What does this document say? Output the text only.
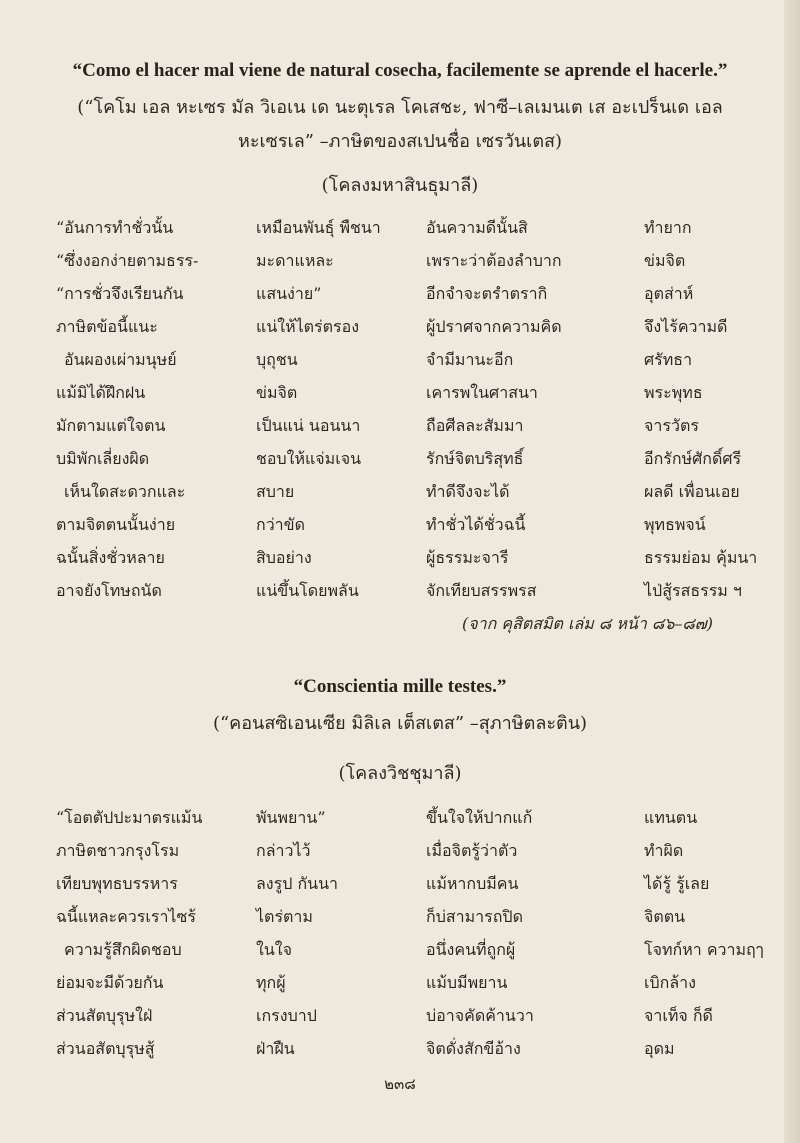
“Como el hacer mal viene de natural cosecha, facilemente se aprende el hacerle.”
(“โคโม เอล หะเซร มัล วิเอเน เด นะตุเรล โคเสชะ, ฟาซี–เลเมนเต เส อะเปร็นเด เอล
หะเซรเล” –ภาษิตของสเปนชื่อ เซรวันเตส)
(โคลงมหาสินธุมาลี)
“อันการทำชั่วนั้น	เหมือนพันธุ์ พืชนา	อันความดีนั้นสิ	ทำยาก
“ซึ่งงอกง่ายตามธรร-	มะดาแหละ	เพราะว่าต้องลำบาก	ข่มจิต
“การชั่วจึงเรียนกัน	แสนง่าย”	อีกจำจะตรำตรากิ	อุตส่าห์
ภาษิตข้อนี้แนะ	แน่ให้ไตร่ตรอง	ผู้ปราศจากความคิด	จึงไร้ความดี
อันผองเผ่ามนุษย์	บุถุชน	จำมีมานะอีก	ศรัทธา
แม้มิได้ฝึกฝน	ข่มจิต	เคารพในศาสนา	พระพุทธ
มักตามแต่ใจตน	เป็นแน่ นอนนา	ถือศีลละสัมมา	จารวัตร
บมิพักเลี่ยงผิด	ชอบให้แจ่มเจน	รักษ์จิตบริสุทธิ์	อีกรักษ์ศักดิ์ศรี
เห็นใดสะดวกและ	สบาย	ทำดีจึงจะได้	ผลดี เพื่อนเอย
ตามจิตตนนั้นง่าย	กว่าขัด	ทำชั่วได้ชั่วฉนี้	พุทธพจน์
ฉนั้นสิ่งชั่วหลาย	สิบอย่าง	ผู้ธรรมะจารี	ธรรมย่อม คุ้มนา
อาจยังโทษถนัด	แน่ขึ้นโดยพลัน	จักเทียบสรรพรส	ไป่สู้รสธรรม ฯ
(จาก คุสิตสมิต เล่ม ๘ หน้า ๘๖–๘๗)
“Conscientia mille testes.”
(“คอนสซิเอนเซีย มิลิเล เต็สเตส” –สุภาษิตละติน)
(โคลงวิชชุมาลี)
“โอตตัปปะมาตรแม้น	พันพยาน”	ขึ้นใจให้ปากแก้	แทนตน
ภาษิตชาวกรุงโรม	กล่าวไว้	เมื่อจิตรู้ว่าตัว	ทำผิด
เทียบพุทธบรรหาร	ลงรูป กันนา	แม้หากบมีคน	ได้รู้ รู้เลย
ฉนี้แหละควรเราไซร้	ไตร่ตาม	ก็บ่สามารถปิด	จิตตน
ความรู้สึกผิดชอบ	ในใจ	อนึ่งคนที่ถูกผู้	โจทก์หา ความฤๅ
ย่อมจะมีด้วยกัน	ทุกผู้	แม้บมีพยาน	เบิกล้าง
ส่วนสัตบุรุษใฝ่	เกรงบาป	บ่อาจคัดค้านวา	จาเท็จ ก็ดี
ส่วนอสัตบุรุษสู้	ฝ่าฝืน	จิตดั่งสักขีอ้าง	อุดม
๒๓๘
